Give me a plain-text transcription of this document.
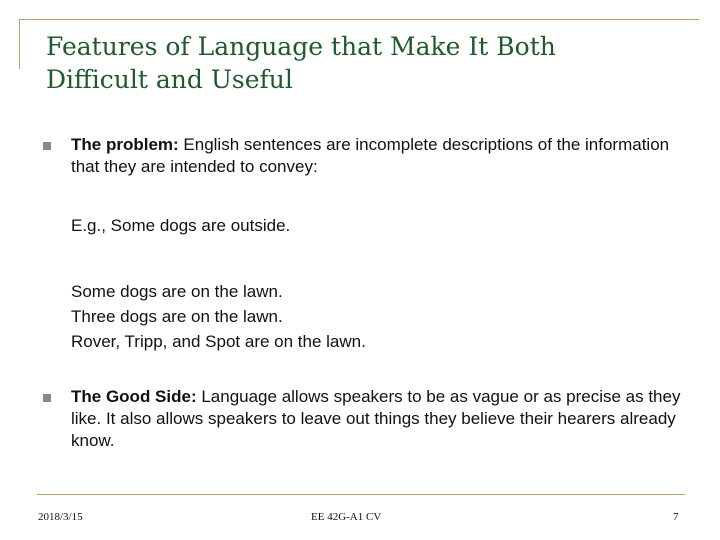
Features of Language that Make It Both
Difficult and Useful
The problem: English sentences are incomplete descriptions of the information that they are intended to convey:
E.g., Some dogs are outside.
Some dogs are on the lawn.
Three dogs are on the lawn.
Rover, Tripp, and Spot are on the lawn.
The Good Side: Language allows speakers to be as vague or as precise as they like. It also allows speakers to leave out things they believe their hearers already know.
2018/3/15	EE 42G-A1 CV	7
